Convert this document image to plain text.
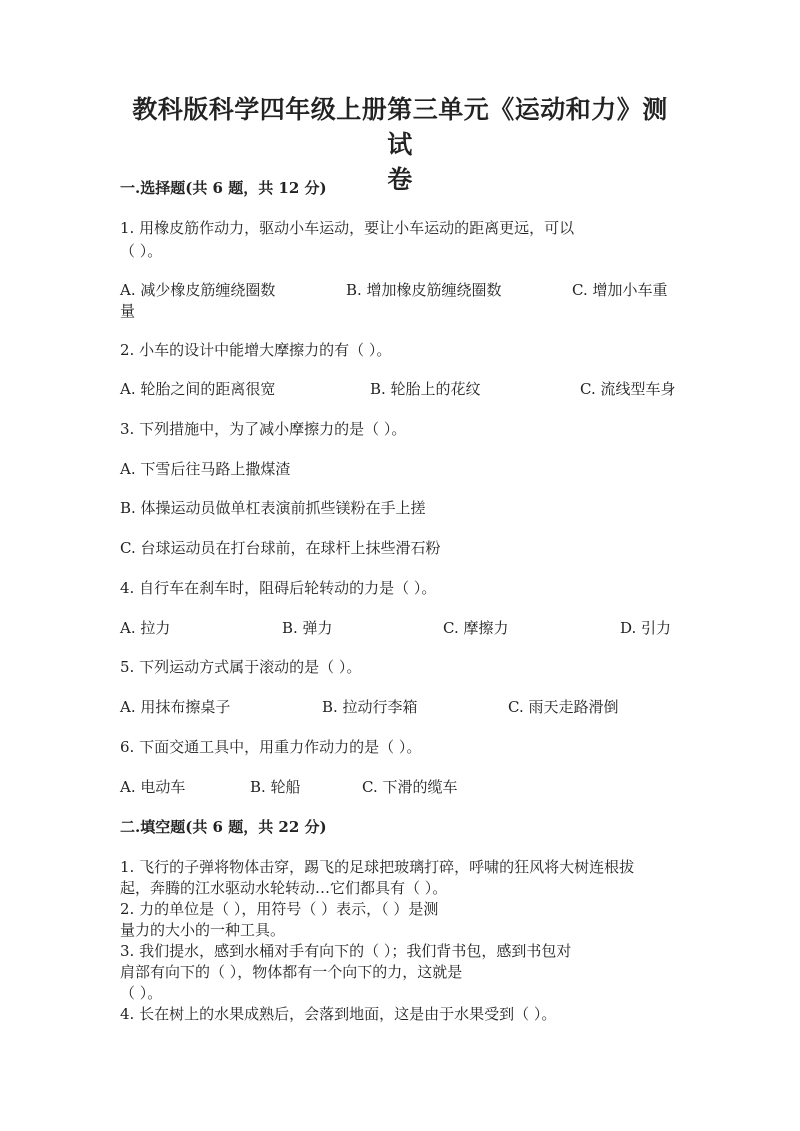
教科版科学四年级上册第三单元《运动和力》测试
卷
一.选择题(共 6 题，共 12 分)
1. 用橡皮筋作动力，驱动小车运动，要让小车运动的距离更远，可以
（ ）。
A. 减少橡皮筋缠绕圈数	B. 增加橡皮筋缠绕圈数	C. 增加小车重
量
2. 小车的设计中能增大摩擦力的有（ ）。
A. 轮胎之间的距离很宽	B. 轮胎上的花纹	C. 流线型车身
3. 下列措施中，为了减小摩擦力的是（ ）。
A. 下雪后往马路上撒煤渣
B. 体操运动员做单杠表演前抓些镁粉在手上搓
C. 台球运动员在打台球前，在球杆上抹些滑石粉
4. 自行车在刹车时，阻碍后轮转动的力是（ ）。
A. 拉力	B. 弹力	C. 摩擦力	D. 引力
5. 下列运动方式属于滚动的是（ ）。
A. 用抹布擦桌子	B. 拉动行李箱	C. 雨天走路滑倒
6. 下面交通工具中，用重力作动力的是（ ）。
A. 电动车	B. 轮船	C. 下滑的缆车
二.填空题(共 6 题，共 22 分)
1. 飞行的子弹将物体击穿，踢飞的足球把玻璃打碎，呼啸的狂风将大树连根拔
起，奔腾的江水驱动水轮转动…它们都具有（ ）。
2. 力的单位是（ ），用符号（ ）表示，（ ）是测
量力的大小的一种工具。
3. 我们提水，感到水桶对手有向下的（ ）；我们背书包，感到书包对
肩部有向下的（ ），物体都有一个向下的力，这就是
（ ）。
4. 长在树上的水果成熟后，会落到地面，这是由于水果受到（ ）。
